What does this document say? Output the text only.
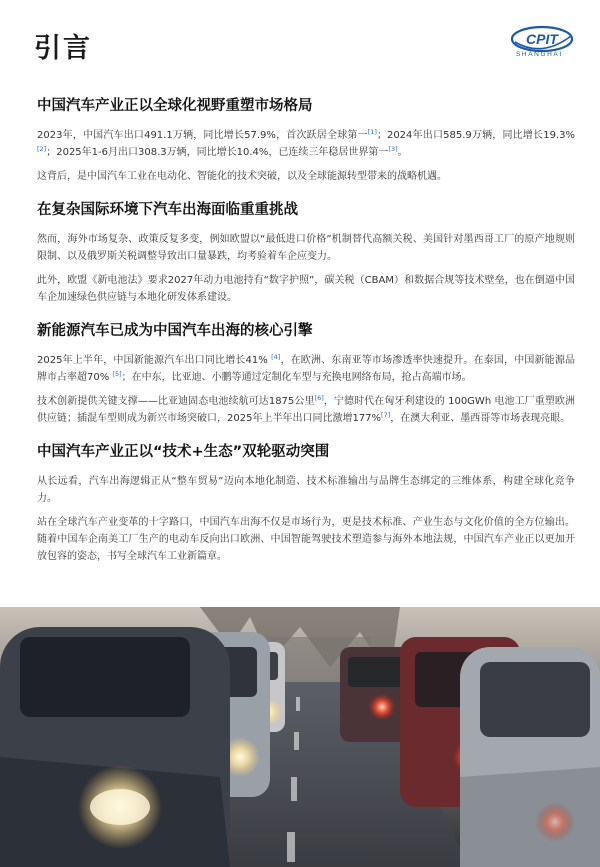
引言	CPIT
SHANGHAI
中国汽车产业正以全球化视野重塑市场格局

2023年，中国汽车出口491.1万辆，同比增长57.9%，首次跃居全球第一[1]；2024年出口585.9万辆，同比增长19.3% [2]；2025年1-6月出口308.3万辆，同比增长10.4%，已连续三年稳居世界第一[3]。

这背后，是中国汽车工业在电动化、智能化的技术突破，以及全球能源转型带来的战略机遇。

在复杂国际环境下汽车出海面临重重挑战

然而，海外市场复杂、政策反复多变，例如欧盟以“最低进口价格”机制替代高额关税、美国针对墨西哥工厂的原产地规则限制、以及俄罗斯关税调整导致出口量暴跌，均考验着车企应变力。

此外，欧盟《新电池法》要求2027年动力电池持有“数字护照”，碳关税（CBAM）和数据合规等技术壁垒，也在倒逼中国车企加速绿色供应链与本地化研发体系建设。

新能源汽车已成为中国汽车出海的核心引擎

2025年上半年，中国新能源汽车出口同比增长41% [4]，在欧洲、东南亚等市场渗透率快速提升。在泰国，中国新能源品牌市占率超70% [5]；在中东，比亚迪、小鹏等通过定制化车型与充换电网络布局，抢占高端市场。

技术创新提供关键支撑——比亚迪固态电池续航可达1875公里[6]，宁德时代在匈牙利建设的 100GWh 电池工厂重塑欧洲供应链；插混车型则成为新兴市场突破口，2025年上半年出口同比激增177%[7]，在澳大利亚、墨西哥等市场表现亮眼。

中国汽车产业正以“技术+生态”双轮驱动突围

从长远看，汽车出海逻辑正从“整车贸易”迈向本地化制造、技术标准输出与品牌生态绑定的三维体系，构建全球化竞争力。

站在全球汽车产业变革的十字路口，中国汽车出海不仅是市场行为，更是技术标准、产业生态与文化价值的全方位输出。随着中国车企南美工厂生产的电动车反向出口欧洲、中国智能驾驶技术塑造参与海外本地法规，中国汽车产业正以更加开放包容的姿态，书写全球汽车工业新篇章。
